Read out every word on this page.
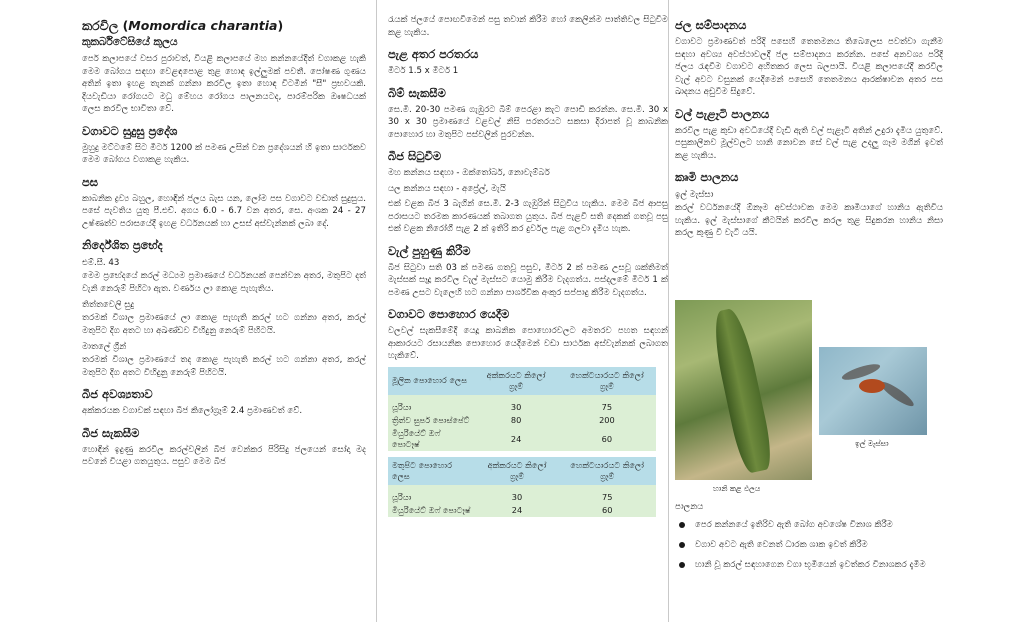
කරවිල (Momordica charantia)
කුකර්බිටේසියේ කුලය

පෙර් කලාපයේ වසර පුරාවත්, වියළි කලාපයේ මහ කන්නයේදීත් වගාකළ හැකි මෙම බෝගය සඳහා වෙළඳපොළ තුළ හොඳ ඉල්ලුමක් පවතී. පෝෂණ ගුණය අතින් ඉතා ඉහළ තැනක් ගන්නා කරවිල ඉතා හොඳ විටමින් "සී" ප්‍රභවයකි. දියවැඩියා රෝගයට මධු මේහය රෝගය පාලනයටද, පාරම්පරික ඖෂධයක් ලෙස කරවිල භාවිතා වේ.

වගාවට සුදුසු ප්‍රදේශ

මුහුදු මට්ටමේ සිට මීටර් 1200 ක් පමණ උසින් වන ප්‍රදේශයන් හි ඉතා සාර්ථකව මෙම බෝගය වගාකළ හැකිය.

පස

කාබනික ද්‍රව්‍ය බහුල, හොඳින් ජලය බැස යන, ලෝම පස වගාවට වඩාත් සුදුසුය. පසේ පැවතිය යුතු පී.එච්. අගය 6.0 - 6.7 වන අතර, සෙ. අංශක 24 - 27 උෂ්ණත්ව පරාසයේදී ඉහළ වර්ධනයක් හා උසස් අස්වැන්නක් ලබා දේ.

නිර්දේශිත ප්‍රභේද
එම්.සී. 43

මෙම ප්‍රභේදයේ කරල් මධ්‍යම ප්‍රමාණයේ වර්ධනයක් පෙන්වන අතර, මතුපිට දත් වැනි නෙරුම් පිහිටා ඇත. වර්ණය ලා කොළ පැහැතිය.

තිත්තවෙලි සුදු

තරමක් විශාල ප්‍රමාණයේ ලා කොළ පැහැති කරල් හට ගන්නා අතර, කරල් මතුපිට දිග අතට හා අඛණ්ඩව විහිදුනු නෙරුම් පිහිටයි.

මාතලේ ග්‍රීන්

තරමක් විශාල ප්‍රමාණයේ තද කොළ පැහැති කරල් හට ගන්නා අතර, කරල් මතුපිට දිග අතට විහිදුනු නෙරුම් පිහිටයි.

බීජ අවශ්‍යතාව

අක්කරයක වගාවක් සඳහා බීජ කිලෝග්‍රෑම් 2.4 ප්‍රමාණවත් වේ.

බීජ සැකසීම

හොඳින් ඉදුණු කරවිල කරල්වලින් බීජ වෙන්කර පිරිසිදු ජලයෙන් සෝදා මද පවනේ වියළා ගතයුතුය. පසුව මෙම බීජ

රැයක් ජලයේ පොඟවීමෙන් පසු තවාන් කිරීම හෝ කෙලින්ම පාත්තිවල සිටුවීම කළ හැකිය.

පැළ අතර පරතරය

මීටර් 1.5 x මීටර් 1

බිම් සැකසීම

සෙ.මී. 20-30 පමණ ගැඹුරට බිම් පෙරළා කැට පොඩි කරන්න. සෙ.මී. 30 x 30 x 30 ප්‍රමාණයේ වළවල් නිසි පරතරයට සකසා දිරාපත් වූ කාබනික පොහොර හා මතුපිට පස්වලින් පුරවන්න.

බීජ සිටුවීම

මහ කන්නය සඳහා - ඔක්තෝබර්, නොවැම්බර්

යල කන්නය සඳහා - අප්‍රේල්, මැයි

එක් වළක බීජ 3 බැගින් සෙ.මී. 2-3 ගැඹුරින් සිටුවිය හැකිය. මෙම බීජ ආපසු පරාසයට තරමක කාරණයක් තබාගත යුතුය. බීජ පැළවී සති දෙකක් ගතවූ පසු එක් වළක නිරෝගී පැළ 2 ක් ඉතිරි කර දුර්වල පැළ ගලවා දැමිය හැක.

වැල් පුහුණු කිරීම

බීජ සිටුවා සති 03 ක් පමණ ගතවූ පසුව, මීටර් 2 ක් පමණ උසවූ ශක්තිමත් මැස්සක් සෑදූ කරවිල වැල් මැස්සට යොමු කිරීම වැදගත්ය. පස්දලමේ මීටර් 1 ක් පමණ උසට වැලෙහි හට ගන්නා පාර්ශ්වික අංකුර සප්පාදු කිරීම වැදගත්ය.

වගාවට පොහොර යෙදීම

වලවල් සැකසීමේදී යෙදූ කාබනික පොහොරවලට අමතරව පහත සඳහන් ආකාරයට රසායනික පොහොර යෙදීමෙන් වඩා සාර්ථක අස්වැන්නක් ලබාගත හැකිවේ.

මූලික පොහොර ලෙස	අක්කරයට කිලෝ ග්‍රෑම්	හෙක්ටයාරයට කිලෝ ග්‍රෑම්

යූරියා	30	75
ත්‍රිත්ව සුපර් පොස්පේට්	80	200
මියුරියේට් ඔෆ් පොටෑෂ්	24	60
මතුපිට පොහොර ලෙස	අක්කරයට කිලෝ ග්‍රෑම්	හෙක්ටයාරයට කිලෝ ග්‍රෑම්

යූරියා	30	75
මියුරියේට් ඔෆ් පොටෑෂ්	24	60
ජල සම්පාදනය

වගාවට ප්‍රමාණවත් පරිදි පසෙහි තෙතමනය තිබෙලෙස පවත්වා ගැනීම සඳහා අවශ්‍ය අවස්ථාවලදී ජල සම්පාදනය කරන්න. පසේ අනවශ්‍ය පරිදි ජලය රැඳවීම වගාවට අහිතකර ලෙස බලපායි. වියළි කලාපයේදී කරවිල වැල් අවට වසුනක් යෙදීමෙන් පසෙහි තෙතමනය ආරක්ෂාවන අතර පස ඛාදනය අඩුවීම සිදුවේ.

වල් පැළෑටි පාලනය

කරවිල පැළ කුඩා අවධියේදී වැඩි ඇති වල් පැළෑටි අතින් උදුරා දැමිය යුතුවේ. පසුකාලීනව මූල්වලට හානි නොවන සේ වල් පැළ උදලු ගෑම මගින් ඉවත් කළ හැකිය.

කෘමි පාලනය
ඉල් මැස්සා

කරල් වර්ධනයේදී ඕනෑම අවස්ථාවක මෙම කෘමියාගේ හානිය ඇතිවිය හැකිය. ඉල් මැස්සාගේ කීටයින් කරවිල කරල තුළ සිදුකරන හානිය නිසා කරල කුණු වී වැටී යයි.

හානි කළ ඵලය
ඉල් මැස්සා
පාලනය
පෙර කන්නයේ ඉතිරිව ඇති බෝග අවශේෂ විනාශ කිරීම
වගාව අවට ඇති වෙනත් ධාරක ශාක ඉවත් කිරීම
හානි වූ කරල් සඳහාගෙන වගා භූමියෙන් ඉවත්කර විනාශකර දැමීම
